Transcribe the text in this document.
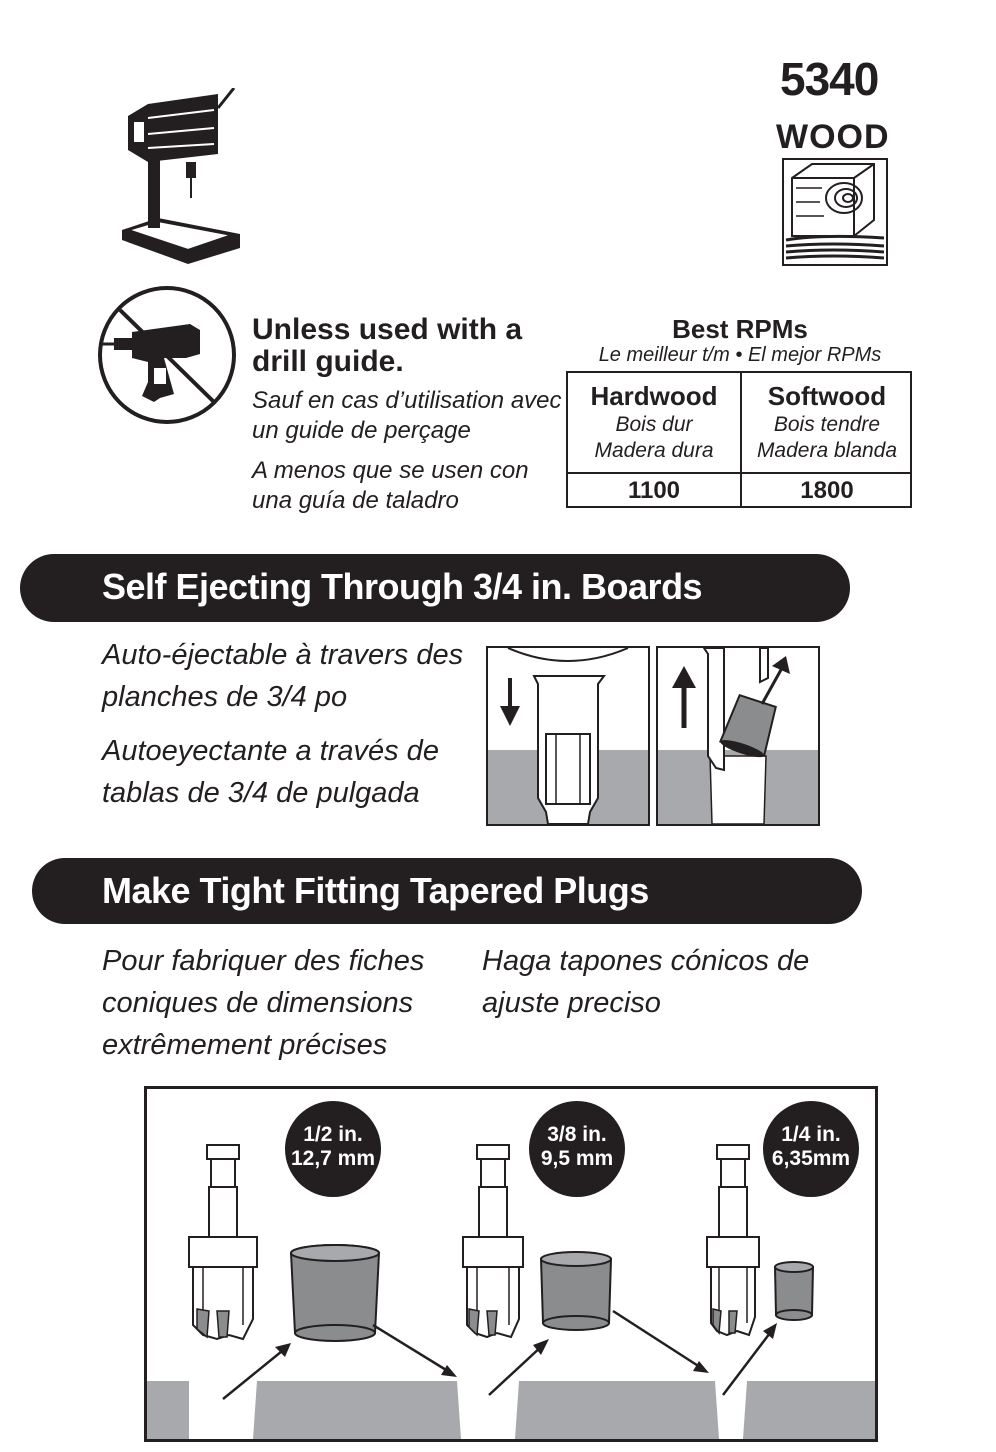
5340
WOOD
Unless used with a
drill guide.
Sauf en cas d’utilisation avec
un guide de perçage
A menos que se usen con
una guía de taladro
Best RPMs
Le meilleur t/m • El mejor RPMs
Hardwood
Bois dur
Madera dura
1100
Softwood
Bois tendre
Madera blanda
1800
Self Ejecting Through 3/4 in. Boards
Auto-éjectable à travers des
planches de 3/4 po
Autoeyectante a través de
tablas de 3/4 de pulgada
Make Tight Fitting Tapered Plugs
Pour fabriquer des fiches
coniques de dimensions
extrêmement précises
Haga tapones cónicos de
ajuste preciso
1/2 in.
12,7 mm
3/8 in.
9,5 mm
1/4 in.
6,35mm
